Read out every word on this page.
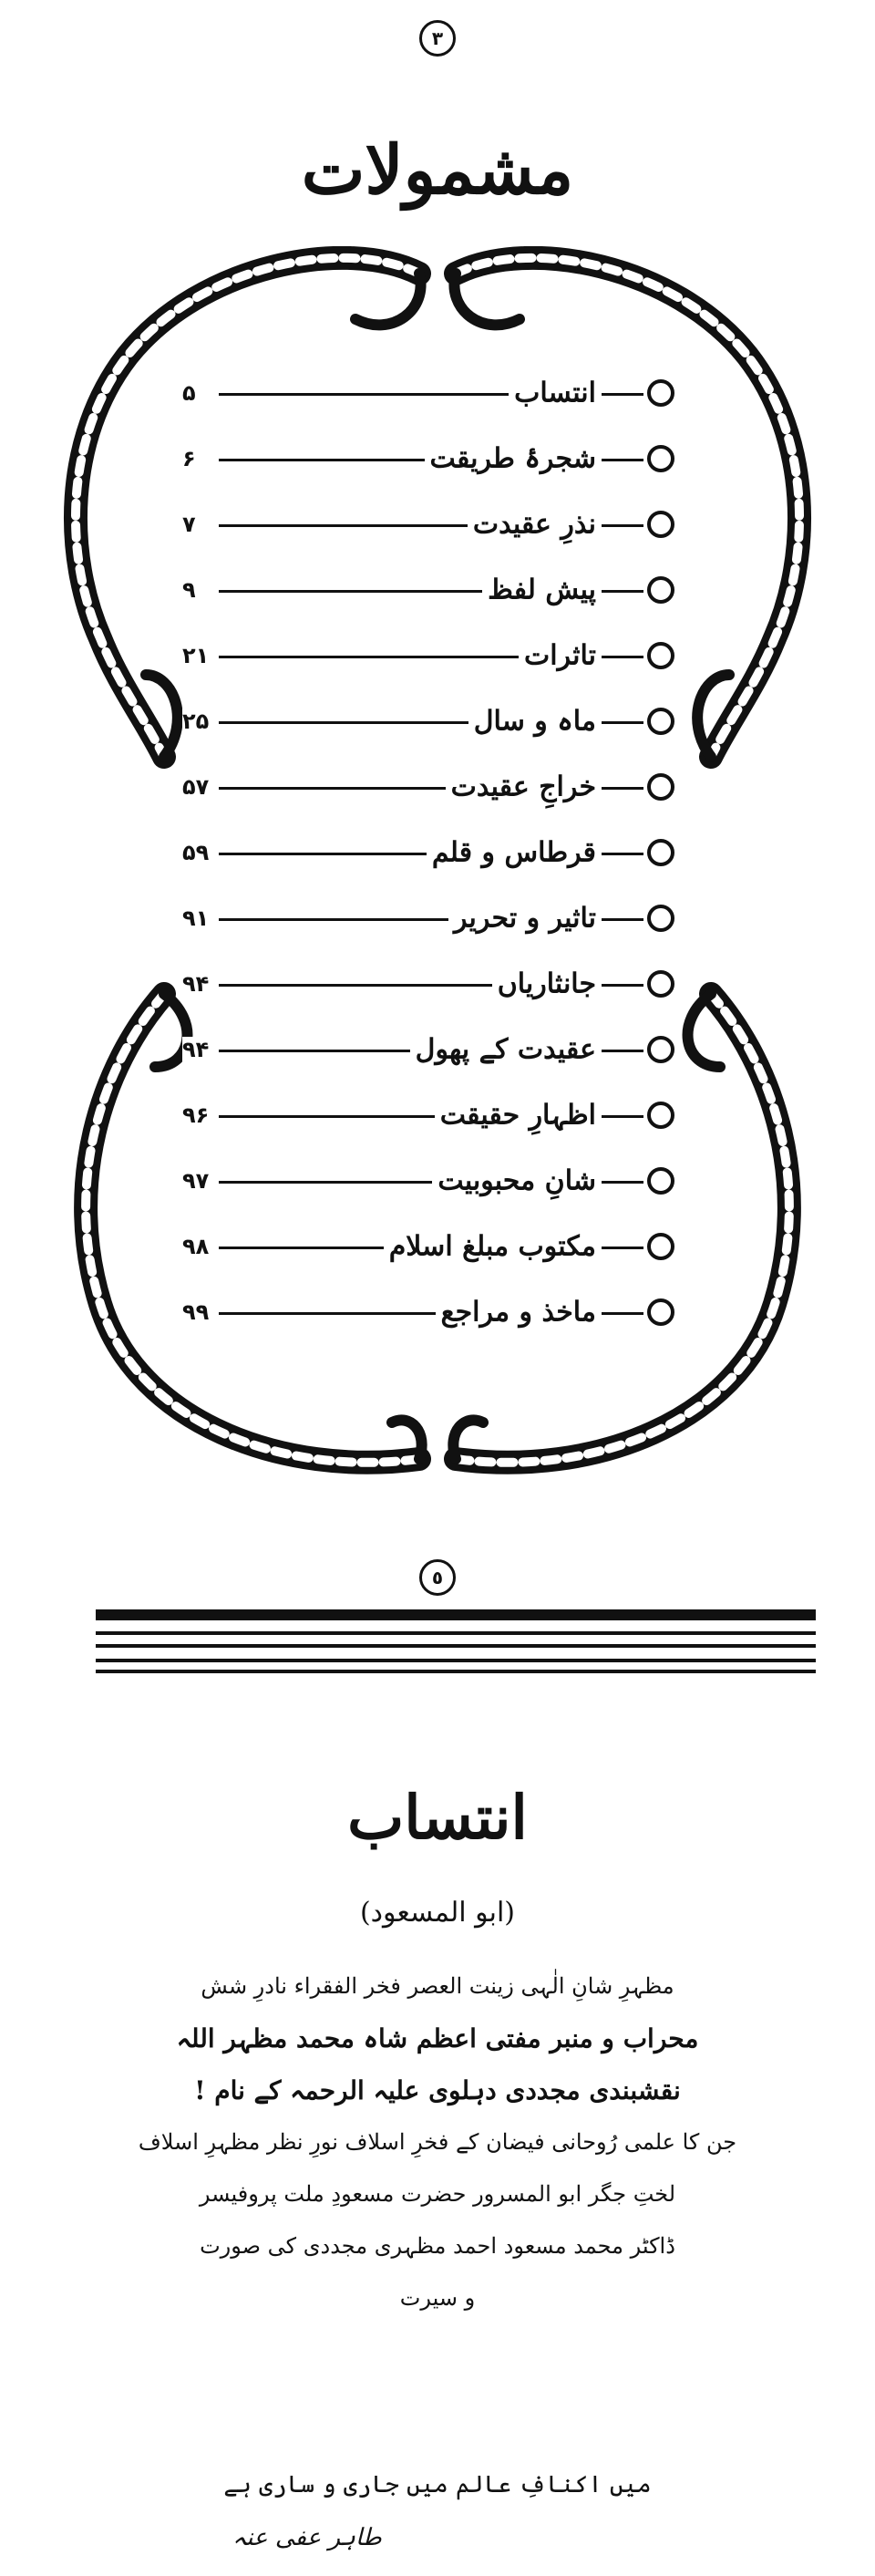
٣
مشمولات
انتساب
۵
شجرۂ طریقت
۶
نذرِ عقیدت
۷
پیش لفظ
۹
تاثرات
۲۱
ماہ و سال
۲۵
خراجِ عقیدت
۵۷
قرطاس و قلم
۵۹
تاثیر و تحریر
۹۱
جانثاریاں
۹۴
عقیدت کے پھول
۹۴
اظہارِ حقیقت
۹۶
شانِ محبوبیت
۹۷
مکتوب مبلغ اسلام
۹۸
ماخذ و مراجع
۹۹
٥
انتساب
(ابو المسعود)
مظہرِ شانِ الٰہی زینت العصر فخر الفقراء نادرِ شش
محراب و منبر مفتی اعظم شاہ محمد مظہر اللہ
نقشبندی مجددی دہلوی علیہ الرحمہ کے نام !
جن کا علمی رُوحانی فیضان کے فخرِ اسلاف نورِ نظر مظہرِ اسلاف
لختِ جگر ابو المسرور حضرت مسعودِ ملت پروفیسر
ڈاکٹر محمد مسعود احمد مظہری مجددی کی صورت
و سیرت
میں اکنافِ عالم میں جاری و ساری ہے
طاہر عفی عنہ
